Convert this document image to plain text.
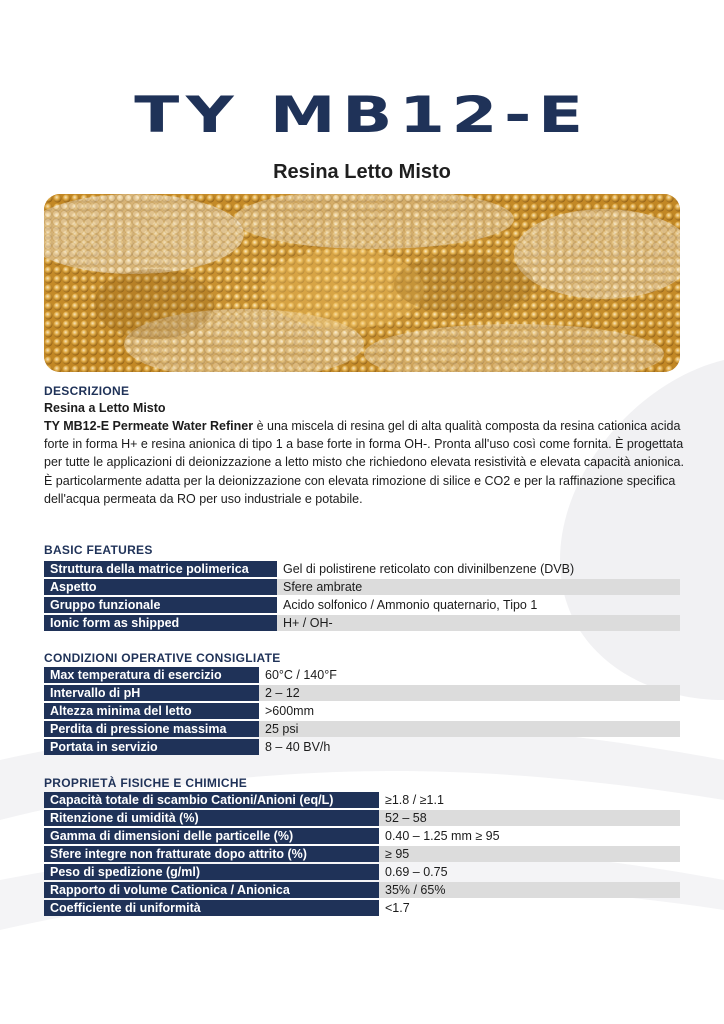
TY MB12-E
Resina Letto Misto
DESCRIZIONE
Resina a Letto Misto
TY MB12-E Permeate Water Refiner è una miscela di resina gel di alta qualità composta da resina cationica acida forte in forma H+ e resina anionica di tipo 1 a base forte in forma OH-. Pronta all'uso così come fornita. È progettata per tutte le applicazioni di deionizzazione a letto misto che richiedono elevata resistività e elevata capacità anionica. È particolarmente adatta per la deionizzazione con elevata rimozione di silice e CO2 e per la raffinazione specifica dell'acqua permeata da RO per uso industriale e potabile.
BASIC FEATURES
Struttura della matrice polimerica	Gel di polistirene reticolato con divinilbenzene (DVB)
Aspetto	Sfere ambrate
Gruppo funzionale	Acido solfonico / Ammonio quaternario, Tipo 1
Ionic form as shipped	H+ / OH-
CONDIZIONI OPERATIVE CONSIGLIATE
Max temperatura di esercizio	60°C / 140°F
Intervallo di pH	2 – 12
Altezza minima del letto	>600mm
Perdita di pressione massima	25 psi
Portata in servizio	8 – 40 BV/h
PROPRIETÀ FISICHE E CHIMICHE
Capacità totale di scambio Cationi/Anioni (eq/L)	≥1.8 / ≥1.1
Ritenzione di umidità (%)	52 – 58
Gamma di dimensioni delle particelle (%)	0.40 – 1.25 mm ≥ 95
Sfere integre non fratturate dopo attrito (%)	≥ 95
Peso di spedizione (g/ml)	0.69 – 0.75
Rapporto di volume Cationica / Anionica	35% / 65%
Coefficiente di uniformità	<1.7
